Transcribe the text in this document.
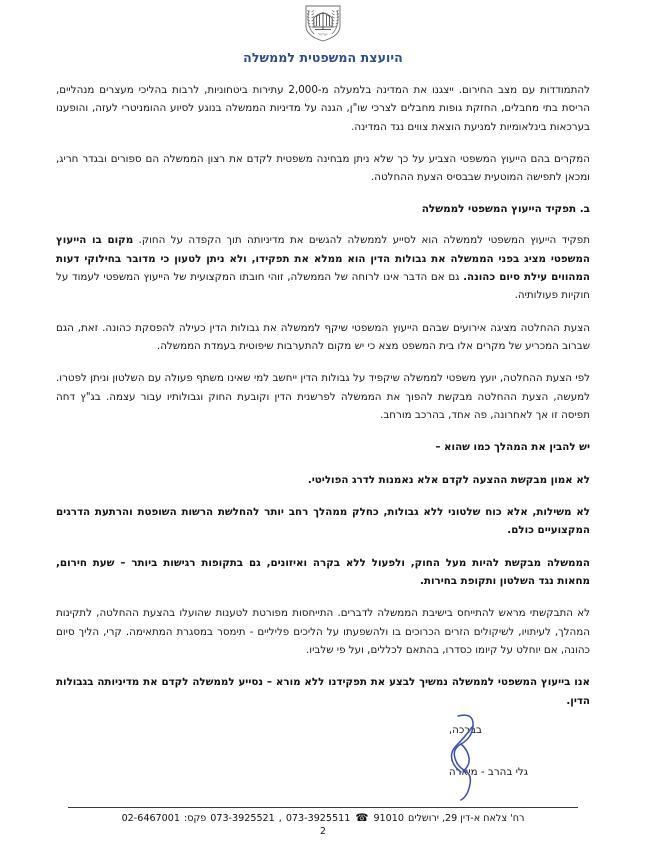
ישראל
היועצת המשפטית לממשלה

להתמודדות עם מצב החירום. ייצגנו את המדינה בלמעלה מ-2,000 עתירות ביטחוניות, לרבות בהליכי מעצרים מנהליים, הריסת בתי מחבלים, החזקת גופות מחבלים לצרכי שו"ן, הגנה על מדיניות הממשלה בנוגע לסיוע ההומניטרי לעזה, והופענו בערכאות בינלאומיות למניעת הוצאת צווים נגד המדינה.

המקרים בהם הייעוץ המשפטי הצביע על כך שלא ניתן מבחינה משפטית לקדם את רצון הממשלה הם ספורים ובגדר חריג, ומכאן לתפישה המוטעית שבבסיס הצעת ההחלטה.

ב. תפקיד הייעוץ המשפטי לממשלה

תפקיד הייעוץ המשפטי לממשלה הוא לסייע לממשלה להגשים את מדיניותה תוך הקפדה על החוק. מקום בו הייעוץ המשפטי מציג בפני הממשלה את גבולות הדין הוא ממלא את תפקידו, ולא ניתן לטעון כי מדובר בחילוקי דעות המהווים עילת סיום כהונה. גם אם הדבר אינו לרוחה של הממשלה, זוהי חובתו המקצועית של הייעוץ המשפטי לעמוד על חוקיות פעולותיה.

הצעת ההחלטה מציגה אירועים שבהם הייעוץ המשפטי שיקף לממשלה את גבולות הדין כעילה להפסקת כהונה. זאת, הגם שברוב המכריע של מקרים אלו בית המשפט מצא כי יש מקום להתערבות שיפוטית בעמדת הממשלה.

לפי הצעת ההחלטה, יועץ משפטי לממשלה שיקפיד על גבולות הדין ייחשב למי שאינו משתף פעולה עם השלטון וניתן לפטרו. למעשה, הצעת ההחלטה מבקשת להפוך את הממשלה לפרשנית הדין וקובעת החוק וגבולותיו עבור עצמה. בג"ץ דחה תפיסה זו אך לאחרונה, פה אחד, בהרכב מורחב.

יש להבין את המהלך כמו שהוא –

לא אמון מבקשת ההצעה לקדם אלא נאמנות לדרג הפוליטי.

לא משילות, אלא כוח שלטוני ללא גבולות, כחלק ממהלך רחב יותר להחלשת הרשות השופטת והרתעת הדרגים המקצועיים כולם.

הממשלה מבקשת להיות מעל החוק, ולפעול ללא בקרה ואיזונים, גם בתקופות רגישות ביותר – שעת חירום, מחאות נגד השלטון ותקופת בחירות.

לא התבקשתי מראש להתייחס בישיבת הממשלה לדברים. התייחסות מפורטת לטענות שהועלו בהצעת ההחלטה, לתקינות המהלך, לעיתויו, לשיקולים הזרים הכרוכים בו ולהשפעתו על הליכים פליליים - תימסר במסגרת המתאימה. קרי, הליך סיום כהונה, אם יוחלט על קיומו כסדרו, בהתאם לכללים, ועל פי שלביו.

אנו בייעוץ המשפטי לממשלה נמשיך לבצע את תפקידנו ללא מורא – נסייע לממשלה לקדם את מדיניותה בגבולות הדין.

בברכה,

גלי בהרב - מיארה

רח' צלאח א-דין 29, ירושלים91010☎073-3925511,073-3925521פקס:02-6467001
2
